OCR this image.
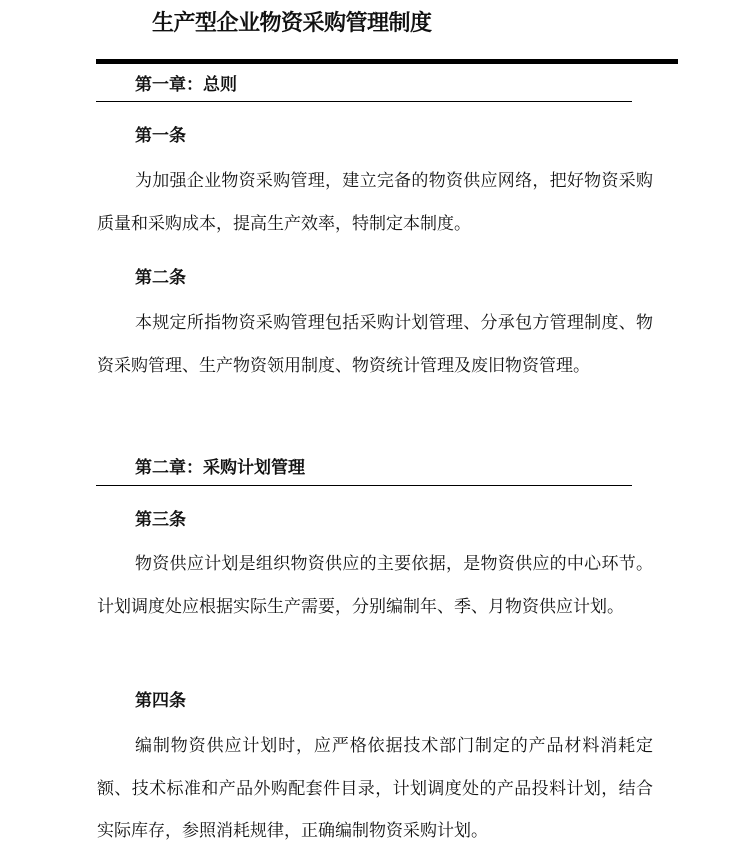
生产型企业物资采购管理制度
第一章：总则
第一条

为加强企业物资采购管理，建立完备的物资供应网络，把好物资采购质量和采购成本，提高生产效率，特制定本制度。

第二条

本规定所指物资采购管理包括采购计划管理、分承包方管理制度、物资采购管理、生产物资领用制度、物资统计管理及废旧物资管理。

第二章：采购计划管理
第三条

物资供应计划是组织物资供应的主要依据，是物资供应的中心环节。计划调度处应根据实际生产需要，分别编制年、季、月物资供应计划。

第四条

编制物资供应计划时，应严格依据技术部门制定的产品材料消耗定额、技术标准和产品外购配套件目录，计划调度处的产品投料计划，结合实际库存，参照消耗规律，正确编制物资采购计划。
